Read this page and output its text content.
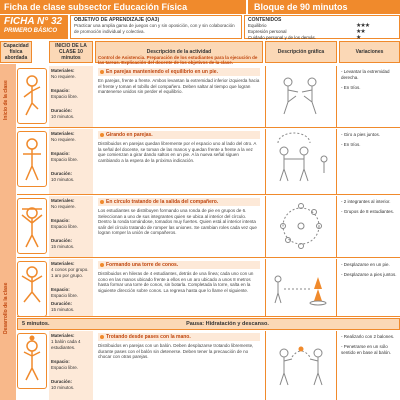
Ficha de clase subsector Educación Física	Bloque de 90 minutos
FICHA N° 32
PRIMERO BÁSICO
OBJETIVO DE APRENDIZAJE (OA3)
Practicar una amplia gama de juegos con y sin oposición, con y sin colaboración de promoción individual y colectiva.
CONTENIDOS
Equilibrio	★★★
Expresión personal	★★
Cuidado personal y de los demás.	★
Capacidad física abordada
INICIO DE LA CLASE 10 minutos
Descripción de la actividad	Descripción gráfica	Variaciones
Control de Asistencia. Preparación de los estudiantes para la ejecución de las tareas. Explicación del docente de los objetivos de la clase.
Inicio de la clase
Desarrollo de la clase
Materiales:
No requiere.
Espacio:
Espacio libre.
Duración:
10 minutos.
En parejas manteniendo el equilibrio en un pie.
En parejas, frente a frente. Ambos levantan la extremidad inferior izquierda hacia el frente y toman el tobillo del compañero. Deben saltar al tiempo que logran mantenerse unidos sin perder el equilibrio.
- Levantar la extremidad derecha.
- En tríos.
Materiales:
No requiere.
Espacio:
Espacio libre.
Duración:
10 minutos.
Girando en parejas.
Distribuidos en parejas quedan libremente por el espacio uno al lado del otro. A la señal del docente, se toman de las manos y quedan frente a frente a la vez que comienzan a girar dando saltos en un pie. A la nueva señal siguen cambiando a la espera de la próxima indicación.
- Giro a pies juntos.
- En tríos.
Materiales:
No requiere.
Espacio:
Espacio libre.
Duración:
15 minutos.
En círculo tratando de la salida del compañero.
Los estudiantes se distribuyen formando una ronda de pie en grupos de 6. Seleccionan a uno de sus integrantes quien se ubica al interior del círculo. Dentro la ronda tomándose, tomados muy fuertes. Quien está al interior intenta salir del círculo tratando de romper las uniones. Se cambian roles cada vez que logran romper la unión de compañeros.
- 2 integrantes al interior.
- Grupos de 8 estudiantes.
Materiales:
4 conos por grupo. 1 aro por grupo.
Espacio:
Espacio libre.
Duración:
15 minutos.
Formando una torre de conos.
Distribuidos en hileras de 4 estudiantes, detrás de una línea; cada uno con un cono en las manos ubicado frente a ellos en un aro ubicado a unos 8 metros hasta formar una torre de conos, sin botarla. Completada la torre, salta en la siguiente dirección sobre conos. La regresa hasta que lo llame el siguiente.
- Desplazarse en un pie.
- Desplazarse a pies juntos.
5 minutos.	Pausa: Hidratación y descanso.
Materiales:
1 balón cada 4 estudiantes.
Espacio:
Espacio libre.
Duración:
10 minutos.
Trotando desde pases con la mano.
Distribuidos en parejas con un balón. Deben desplazarse trotando libremente, durante pases con el balón sin detenerse. Deben tener la precaución de no chocar con otras parejas.
- Realizarlo con 2 balones.
- Penetrarse en un sólo sentido en base al balón.
